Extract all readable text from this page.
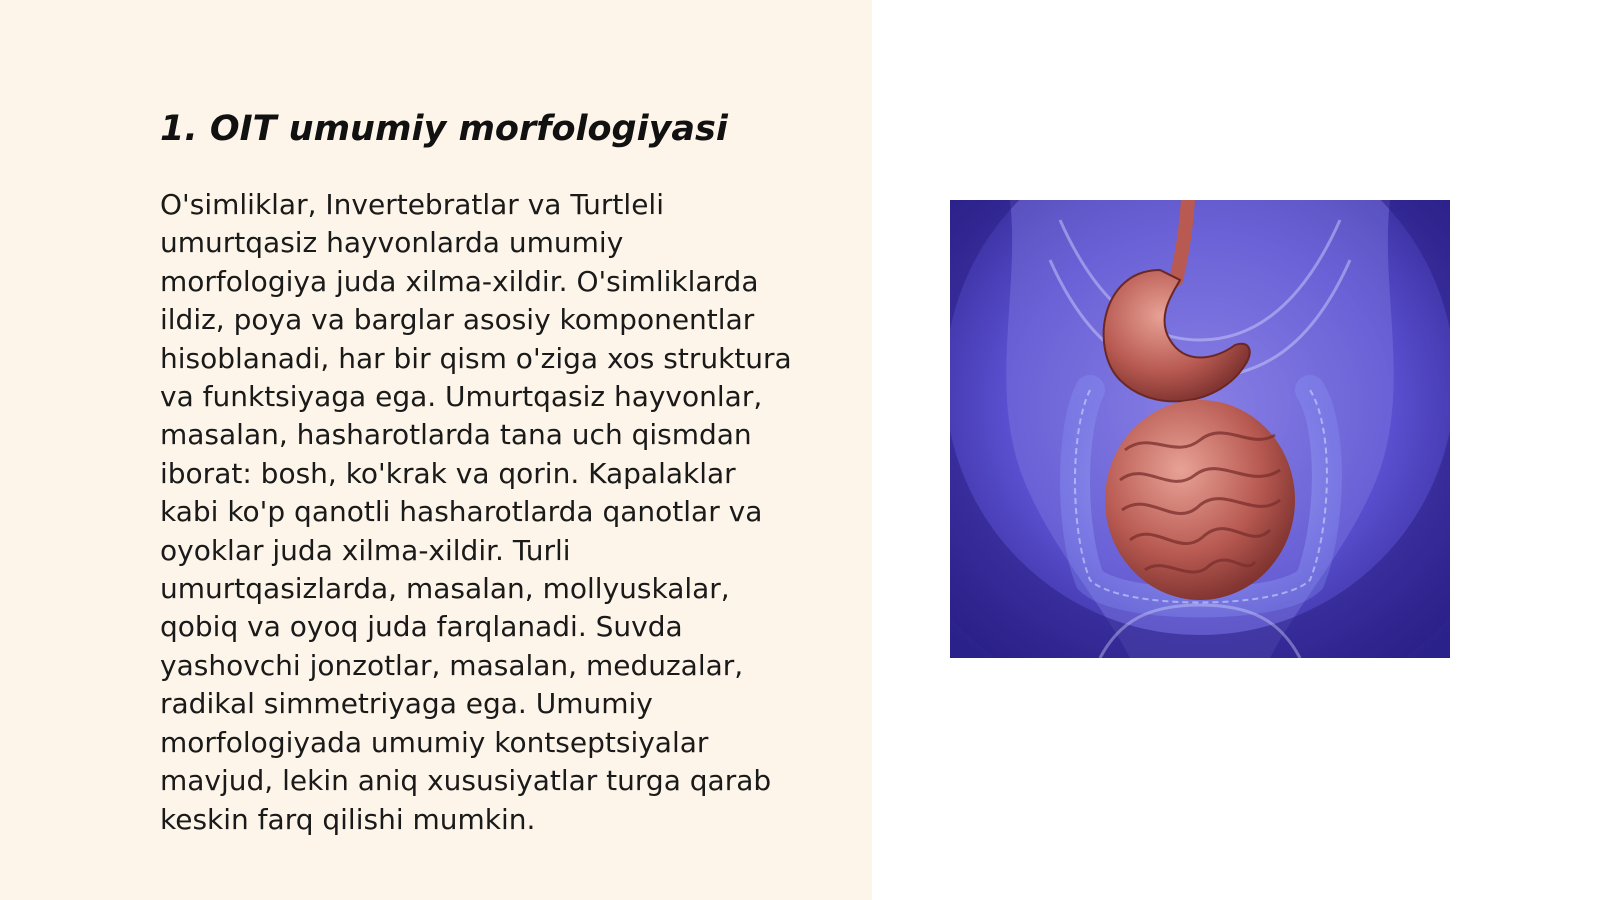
1. OIT umumiy morfologiyasi

O'simliklar, Invertebratlar va Turtleli
umurtqasiz hayvonlarda umumiy
morfologiya juda xilma-xildir. O'simliklarda
ildiz, poya va barglar asosiy komponentlar
hisoblanadi, har bir qism o'ziga xos struktura
va funktsiyaga ega. Umurtqasiz hayvonlar,
masalan, hasharotlarda tana uch qismdan
iborat: bosh, ko'krak va qorin. Kapalaklar
kabi ko'p qanotli hasharotlarda qanotlar va
oyoklar juda xilma-xildir. Turli
umurtqasizlarda, masalan, mollyuskalar,
qobiq va oyoq juda farqlanadi. Suvda
yashovchi jonzotlar, masalan, meduzalar,
radikal simmetriyaga ega. Umumiy
morfologiyada umumiy kontseptsiyalar
mavjud, lekin aniq xususiyatlar turga qarab
keskin farq qilishi mumkin.
